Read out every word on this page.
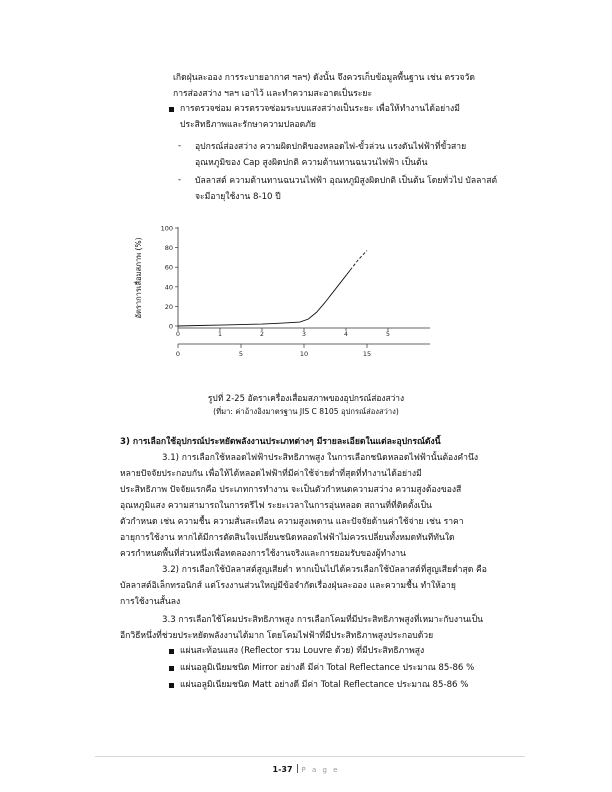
เกิดฝุ่นละออง การระบายอากาศ ฯลฯ) ดังนั้น จึงควรเก็บข้อมูลพื้นฐาน เช่น ตรวจวัด
การส่องสว่าง ฯลฯ เอาไว้ และทำความสะอาดเป็นระยะ
การตรวจซ่อม ควรตรวจซ่อมระบบแสงสว่างเป็นระยะ เพื่อให้ทำงานได้อย่างมี
ประสิทธิภาพและรักษาความปลอดภัย
- อุปกรณ์ส่องสว่าง ความผิดปกติของหลอดไฟ-ขั้วล่วน แรงดันไฟฟ้าที่ขั้วสาย
อุณหภูมิของ Cap สูงผิดปกติ ความต้านทานฉนวนไฟฟ้า เป็นต้น
- บัลลาสต์ ความต้านทานฉนวนไฟฟ้า อุณหภูมิสูงผิดปกติ เป็นต้น โดยทั่วไป บัลลาสต์
จะมีอายุใช้งาน 8-10 ปี
อัตราการเสื่อมสภาพ (%)
0
20
40
60
80
100
0	1	2	3	4	5
0	5	10	15
รูปที่ 2-25 อัตราเครื่องเสื่อมสภาพของอุปกรณ์ส่องสว่าง
(ที่มา: ค่าอ้างอิงมาตรฐาน JIS C 8105 อุปกรณ์ส่องสว่าง)
3) การเลือกใช้อุปกรณ์ประหยัดพลังงานประเภทต่างๆ มีรายละเอียดในแต่ละอุปกรณ์ดังนี้
3.1) การเลือกใช้หลอดไฟฟ้าประสิทธิภาพสูง ในการเลือกชนิดหลอดไฟฟ้านั้นต้องคำนึง
หลายปัจจัยประกอบกัน เพื่อให้ได้หลอดไฟฟ้าที่มีค่าใช้จ่ายต่ำที่สุดที่ทำงานได้อย่างมี
ประสิทธิภาพ ปัจจัยแรกคือ ประเภทการทำงาน จะเป็นตัวกำหนดความสว่าง ความสูงต้องของสี
อุณหภูมิแสง ความสามารถในการตรีไฟ ระยะเวลาในการอุ่นหลอด สถานที่ที่ติดตั้งเป็น
ตัวกำหนด เช่น ความชื้น ความสั่นสะเทือน ความสูงเพดาน และปัจจัยด้านค่าใช้จ่าย เช่น ราคา
อายุการใช้งาน หากได้มีการตัดสินใจเปลี่ยนชนิดหลอดไฟฟ้าไม่ควรเปลี่ยนทั้งหมดทันทีทันใด
ควรกำหนดพื้นที่ส่วนหนึ่งเพื่อทดลองการใช้งานจริงและการยอมรับของผู้ทำงาน
3.2) การเลือกใช้บัลลาสต์สูญเสียต่ำ หากเป็นไปได้ควรเลือกใช้บัลลาสต์ที่สูญเสียต่ำสุด คือ
บัลลาสต์อิเล็กทรอนิกส์ แต่โรงงานส่วนใหญ่มีข้อจำกัดเรื่องฝุ่นละออง และความชื้น ทำให้อายุ
การใช้งานสั้นลง
3.3 การเลือกใช้โคมประสิทธิภาพสูง การเลือกโคมที่มีประสิทธิภาพสูงที่เหมาะกับงานเป็น
อีกวิธีหนึ่งที่ช่วยประหยัดพลังงานได้มาก โดยโคมไฟฟ้าที่มีประสิทธิภาพสูงประกอบด้วย
แผ่นสะท้อนแสง (Reflector รวม Louvre ด้วย) ที่มีประสิทธิภาพสูง
แผ่นอลูมิเนียมชนิด Mirror อย่างดี มีค่า Total Reflectance ประมาณ 85-86 %
แผ่นอลูมิเนียมชนิด Matt อย่างดี มีค่า Total Reflectance ประมาณ 85-86 %
1-37 P a g e
